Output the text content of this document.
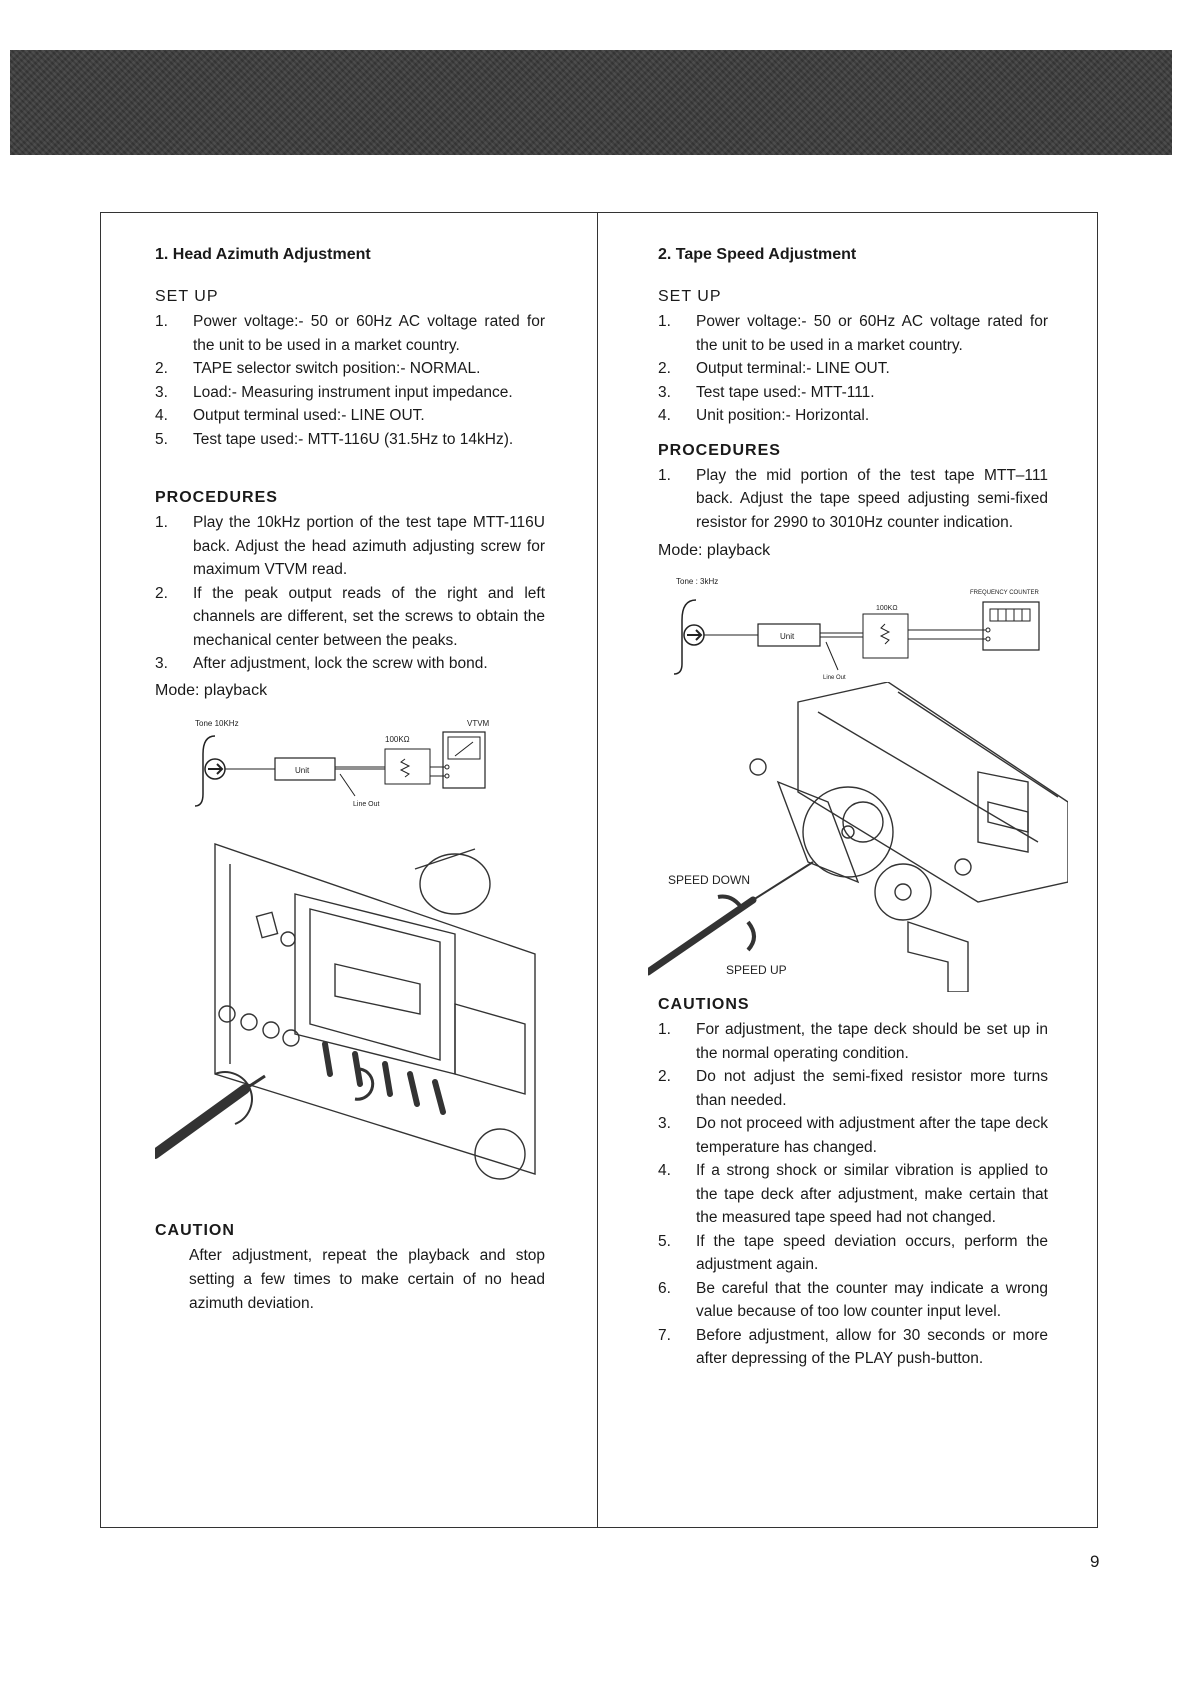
1. Head Azimuth Adjustment
SET UP
1.	Power voltage:- 50 or 60Hz AC voltage rated for the unit to be used in a market country.
2.	TAPE selector switch position:- NORMAL.
3.	Load:- Measuring instrument input impedance.
4.	Output terminal used:- LINE OUT.
5.	Test tape used:- MTT-116U (31.5Hz to 14kHz).
PROCEDURES
1.	Play the 10kHz portion of the test tape MTT-116U back. Adjust the head azimuth adjusting screw for maximum VTVM read.
2.	If the peak output reads of the right and left channels are different, set the screws to obtain the mechanical center between the peaks.
3.	After adjustment, lock the screw with bond.
Mode: playback
Tone 10KHz	VTVM
Unit
100KΩ
Line Out
CAUTION
After adjustment, repeat the playback and stop setting a few times to make certain of no head azimuth deviation.
2. Tape Speed Adjustment
SET UP
1.	Power voltage:- 50 or 60Hz AC voltage rated for the unit to be used in a market country.
2.	Output terminal:- LINE OUT.
3.	Test tape used:- MTT-111.
4.	Unit position:- Horizontal.
PROCEDURES
1.	Play the mid portion of the test tape MTT–111 back. Adjust the tape speed adjusting semi-fixed resistor for 2990 to 3010Hz counter indication.
Mode: playback
Tone : 3kHz
FREQUENCY COUNTER
Unit
100KΩ
Line Out
SPEED DOWN
SPEED UP
CAUTIONS
1.	For adjustment, the tape deck should be set up in the normal operating condition.
2.	Do not adjust the semi-fixed resistor more turns than needed.
3.	Do not proceed with adjustment after the tape deck temperature has changed.
4.	If a strong shock or similar vibration is applied to the tape deck after adjustment, make certain that the measured tape speed had not changed.
5.	If the tape speed deviation occurs, perform the adjustment again.
6.	Be careful that the counter may indicate a wrong value because of too low counter input level.
7.	Before adjustment, allow for 30 seconds or more after depressing of the PLAY push-button.
9
